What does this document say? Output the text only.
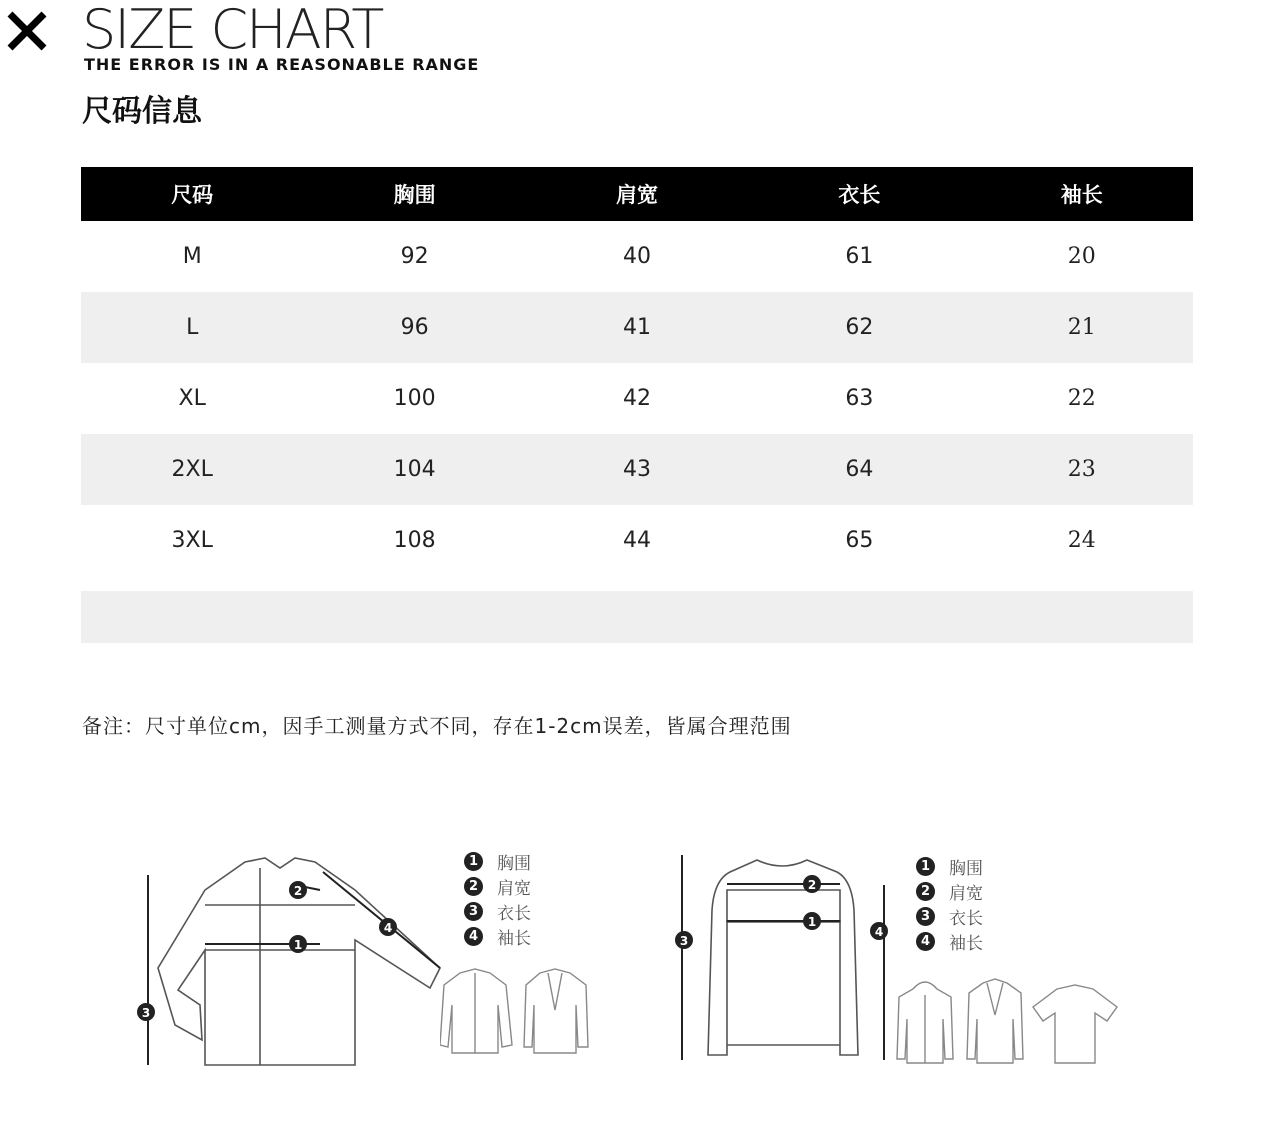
SIZE CHART
THE ERROR IS IN A REASONABLE RANGE
尺码信息
尺码	胸围	肩宽	衣长	袖长
M	92	40	61	20
L	96	41	62	21
XL	100	42	63	22
2XL	104	43	64	23
3XL	108	44	65	24
备注：尺寸单位cm，因手工测量方式不同，存在1-2cm误差，皆属合理范围
1
2
3
4
1 胸围
2 肩宽
3 衣长
4 袖长
1
2
3
4
1 胸围
2 肩宽
3 衣长
4 袖长
